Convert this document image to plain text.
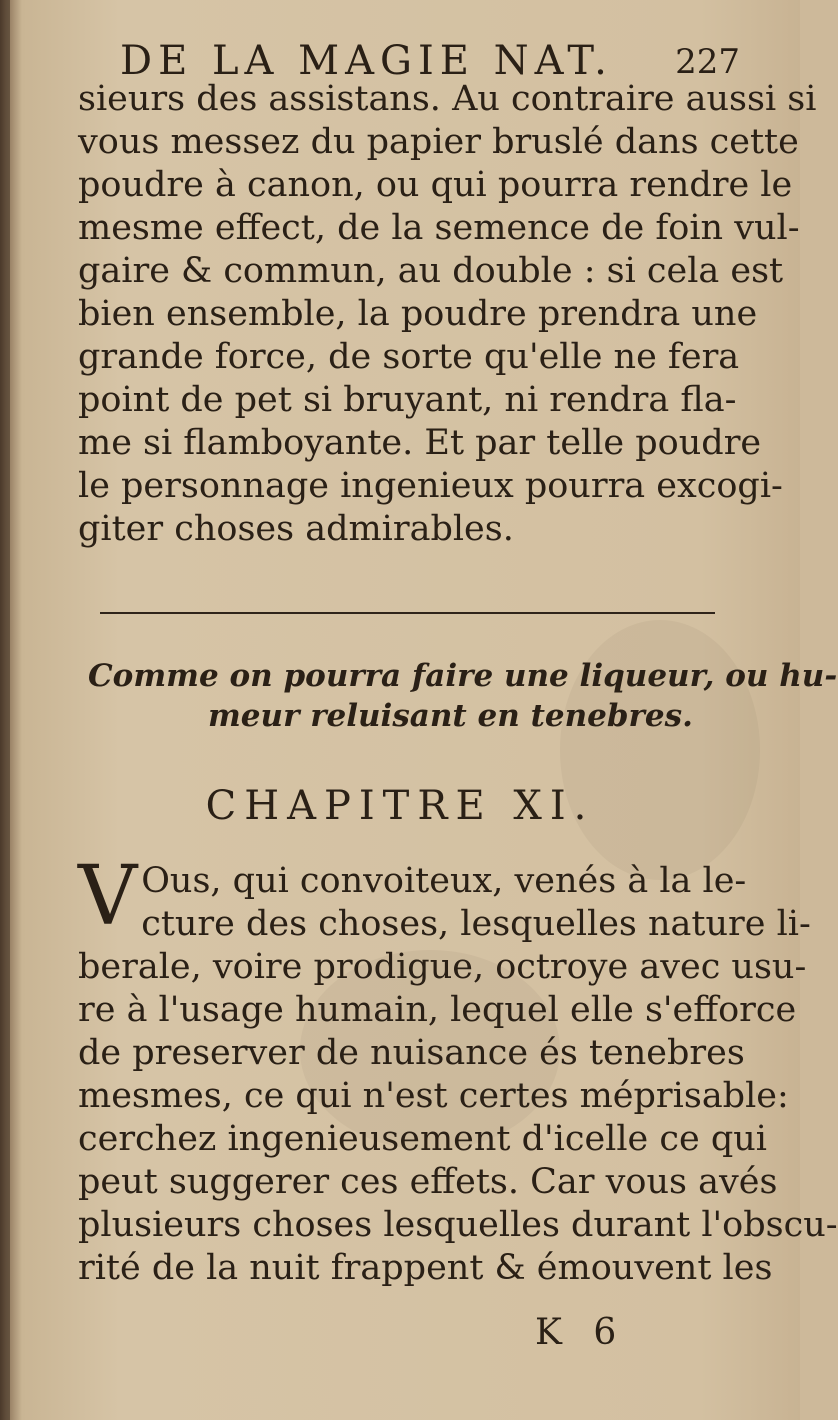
DE LA MAGIE NAT. 227
sieurs des assistans. Au contraire aussi si
vous messez du papier bruslé dans cette
poudre à canon, ou qui pourra rendre le
mesme effect, de la semence de foin vul-
gaire & commun, au double : si cela est
bien ensemble, la poudre prendra une
grande force, de sorte qu'elle ne fera
point de pet si bruyant, ni rendra fla-
me si flamboyante. Et par telle poudre
le personnage ingenieux pourra excogi-
giter choses admirables.
Comme on pourra faire une liqueur, ou hu-
meur reluisant en tenebres.
CHAPITRE XI.
V Ous, qui convoiteux, venés à la le-
cture des choses, lesquelles nature li-
berale, voire prodigue, octroye avec usu-
re à l'usage humain, lequel elle s'efforce
de preserver de nuisance és tenebres
mesmes, ce qui n'est certes méprisable:
cerchez ingenieusement d'icelle ce qui
peut suggerer ces effets. Car vous avés
plusieurs choses lesquelles durant l'obscu-
rité de la nuit frappent & émouvent les
K 6
